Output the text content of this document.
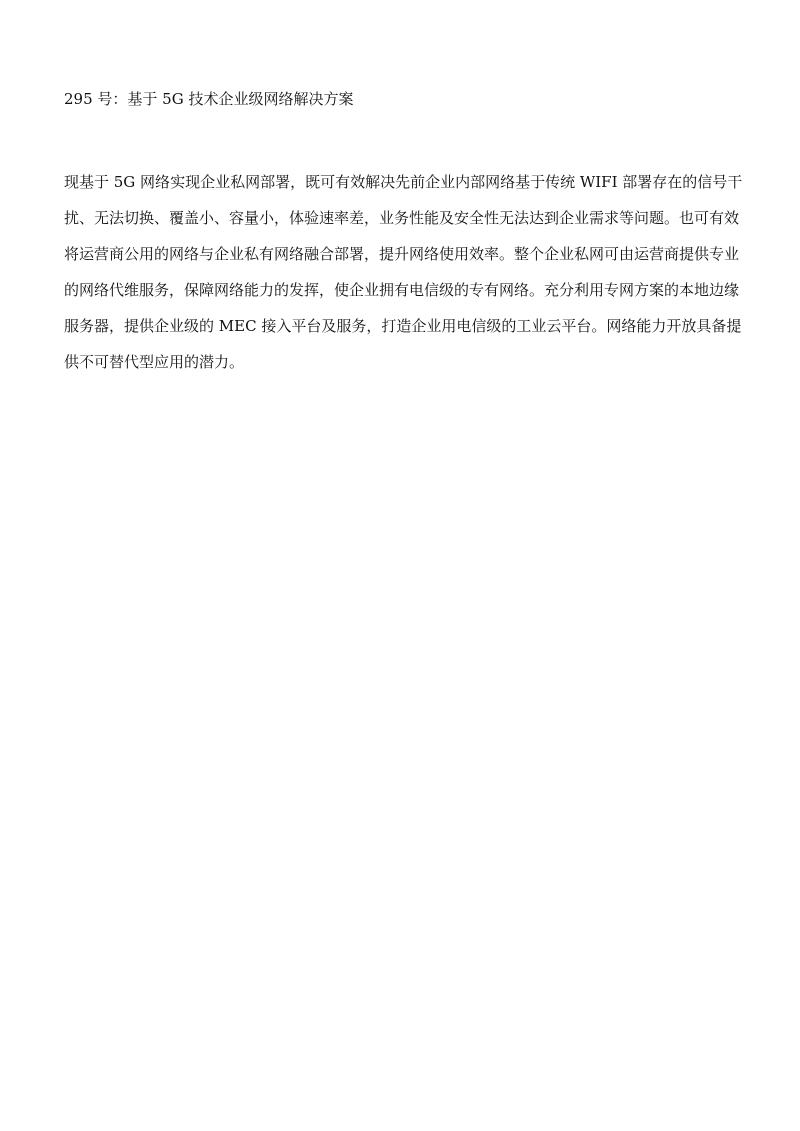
295 号：基于 5G 技术企业级网络解决方案
现基于 5G 网络实现企业私网部署，既可有效解决先前企业内部网络基于传统 WIFI 部署存在的信号干
扰、无法切换、覆盖小、容量小，体验速率差，业务性能及安全性无法达到企业需求等问题。也可有效
将运营商公用的网络与企业私有网络融合部署，提升网络使用效率。整个企业私网可由运营商提供专业
的网络代维服务，保障网络能力的发挥，使企业拥有电信级的专有网络。充分利用专网方案的本地边缘
服务器，提供企业级的 MEC 接入平台及服务，打造企业用电信级的工业云平台。网络能力开放具备提
供不可替代型应用的潜力。
